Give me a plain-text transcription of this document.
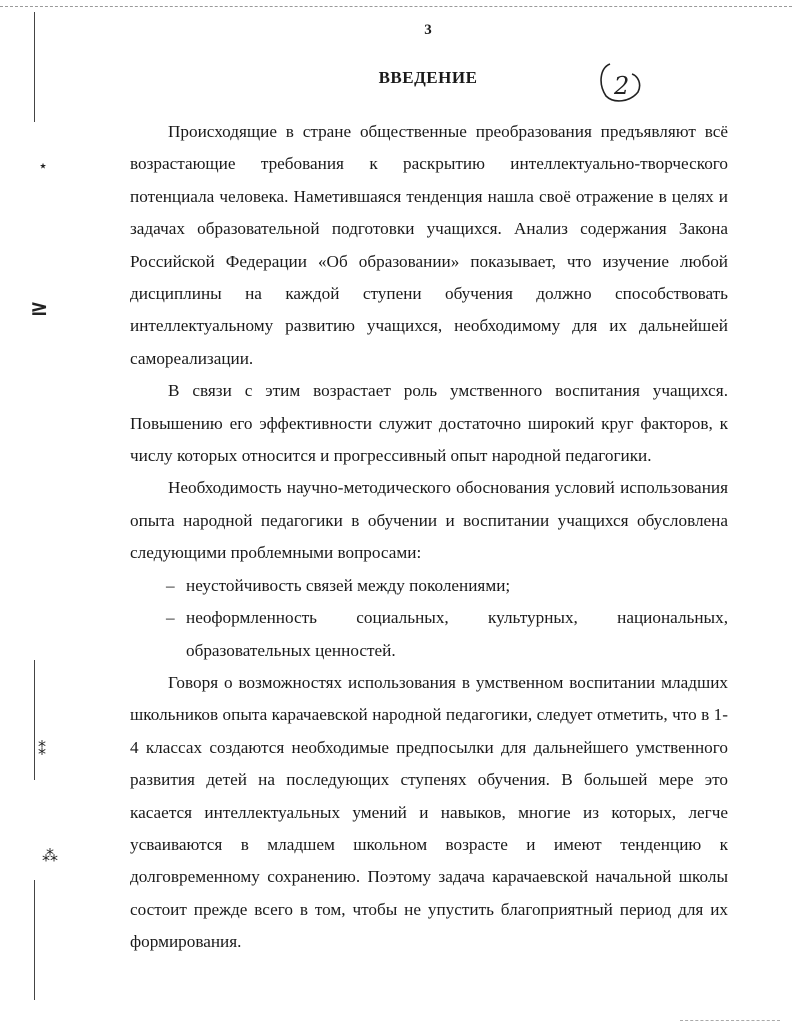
⋆
≥
⁑
⁂
3
ВВЕДЕНИЕ	2

Происходящие в стране общественные преобразования предъявляют всё возрастающие требования к раскрытию интеллектуально-творческого потенциала человека. Наметившаяся тенденция нашла своё отражение в целях и задачах образовательной подготовки учащихся. Анализ содержания Закона Российской Федерации «Об образовании» показывает, что изучение любой дисциплины на каждой ступени обучения должно способствовать интеллектуальному развитию учащихся, необходимому для их дальнейшей самореализации.

В связи с этим возрастает роль умственного воспитания учащихся. Повышению его эффективности служит достаточно широкий круг факторов, к числу которых относится и прогрессивный опыт народной педагогики.

Необходимость научно-методического обоснования условий использования опыта народной педагогики в обучении и воспитании учащихся обусловлена следующими проблемными вопросами:

– неустойчивость связей между поколениями;
– неоформленность социальных, культурных, национальных, образовательных ценностей.

Говоря о возможностях использования в умственном воспитании младших школьников опыта карачаевской народной педагогики, следует отметить, что в 1-4 классах создаются необходимые предпосылки для дальнейшего умственного развития детей на последующих ступенях обучения. В большей мере это касается интеллектуальных умений и навыков, многие из которых, легче усваиваются в младшем школьном возрасте и имеют тенденцию к долговременному сохранению. Поэтому задача карачаевской начальной школы состоит прежде всего в том, чтобы не упустить благоприятный период для их формирования.
